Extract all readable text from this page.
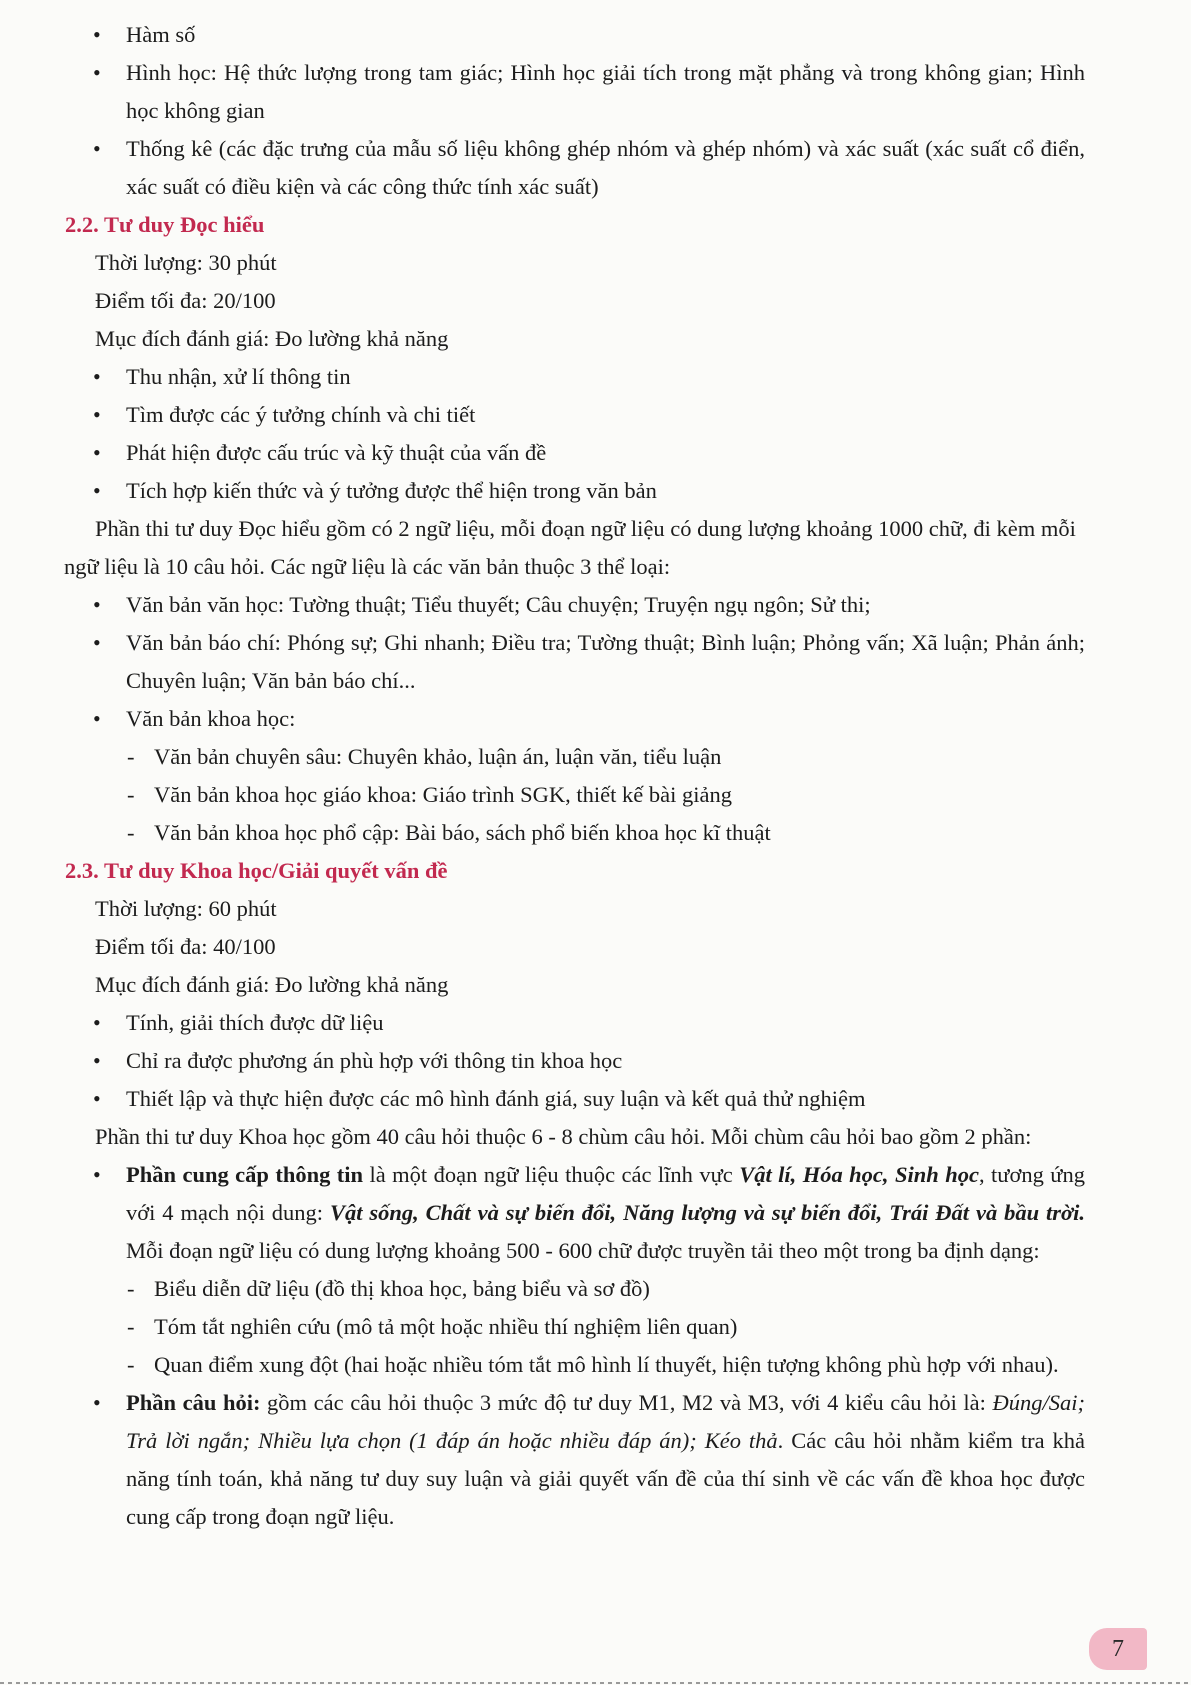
• Hàm số
• Hình học: Hệ thức lượng trong tam giác; Hình học giải tích trong mặt phẳng và trong không gian; Hình học không gian
• Thống kê (các đặc trưng của mẫu số liệu không ghép nhóm và ghép nhóm) và xác suất (xác suất cổ điển, xác suất có điều kiện và các công thức tính xác suất)
2.2. Tư duy Đọc hiểu
Thời lượng: 30 phút
Điểm tối đa: 20/100
Mục đích đánh giá: Đo lường khả năng
• Thu nhận, xử lí thông tin
• Tìm được các ý tưởng chính và chi tiết
• Phát hiện được cấu trúc và kỹ thuật của vấn đề
• Tích hợp kiến thức và ý tưởng được thể hiện trong văn bản
Phần thi tư duy Đọc hiểu gồm có 2 ngữ liệu, mỗi đoạn ngữ liệu có dung lượng khoảng 1000 chữ, đi kèm mỗi
ngữ liệu là 10 câu hỏi. Các ngữ liệu là các văn bản thuộc 3 thể loại:
• Văn bản văn học: Tường thuật; Tiểu thuyết; Câu chuyện; Truyện ngụ ngôn; Sử thi;
• Văn bản báo chí: Phóng sự; Ghi nhanh; Điều tra; Tường thuật; Bình luận; Phỏng vấn; Xã luận; Phản ánh; Chuyên luận; Văn bản báo chí...
• Văn bản khoa học:
- Văn bản chuyên sâu: Chuyên khảo, luận án, luận văn, tiểu luận
- Văn bản khoa học giáo khoa: Giáo trình SGK, thiết kế bài giảng
- Văn bản khoa học phổ cập: Bài báo, sách phổ biến khoa học kĩ thuật
2.3. Tư duy Khoa học/Giải quyết vấn đề
Thời lượng: 60 phút
Điểm tối đa: 40/100
Mục đích đánh giá: Đo lường khả năng
• Tính, giải thích được dữ liệu
• Chỉ ra được phương án phù hợp với thông tin khoa học
• Thiết lập và thực hiện được các mô hình đánh giá, suy luận và kết quả thử nghiệm
Phần thi tư duy Khoa học gồm 40 câu hỏi thuộc 6 - 8 chùm câu hỏi. Mỗi chùm câu hỏi bao gồm 2 phần:
• Phần cung cấp thông tin là một đoạn ngữ liệu thuộc các lĩnh vực Vật lí, Hóa học, Sinh học, tương ứng với 4 mạch nội dung: Vật sống, Chất và sự biến đổi, Năng lượng và sự biến đổi, Trái Đất và bầu trời. Mỗi đoạn ngữ liệu có dung lượng khoảng 500 - 600 chữ được truyền tải theo một trong ba định dạng:
- Biểu diễn dữ liệu (đồ thị khoa học, bảng biểu và sơ đồ)
- Tóm tắt nghiên cứu (mô tả một hoặc nhiều thí nghiệm liên quan)
- Quan điểm xung đột (hai hoặc nhiều tóm tắt mô hình lí thuyết, hiện tượng không phù hợp với nhau).
• Phần câu hỏi: gồm các câu hỏi thuộc 3 mức độ tư duy M1, M2 và M3, với 4 kiểu câu hỏi là: Đúng/Sai; Trả lời ngắn; Nhiều lựa chọn (1 đáp án hoặc nhiều đáp án); Kéo thả. Các câu hỏi nhằm kiểm tra khả năng tính toán, khả năng tư duy suy luận và giải quyết vấn đề của thí sinh về các vấn đề khoa học được cung cấp trong đoạn ngữ liệu.
7
